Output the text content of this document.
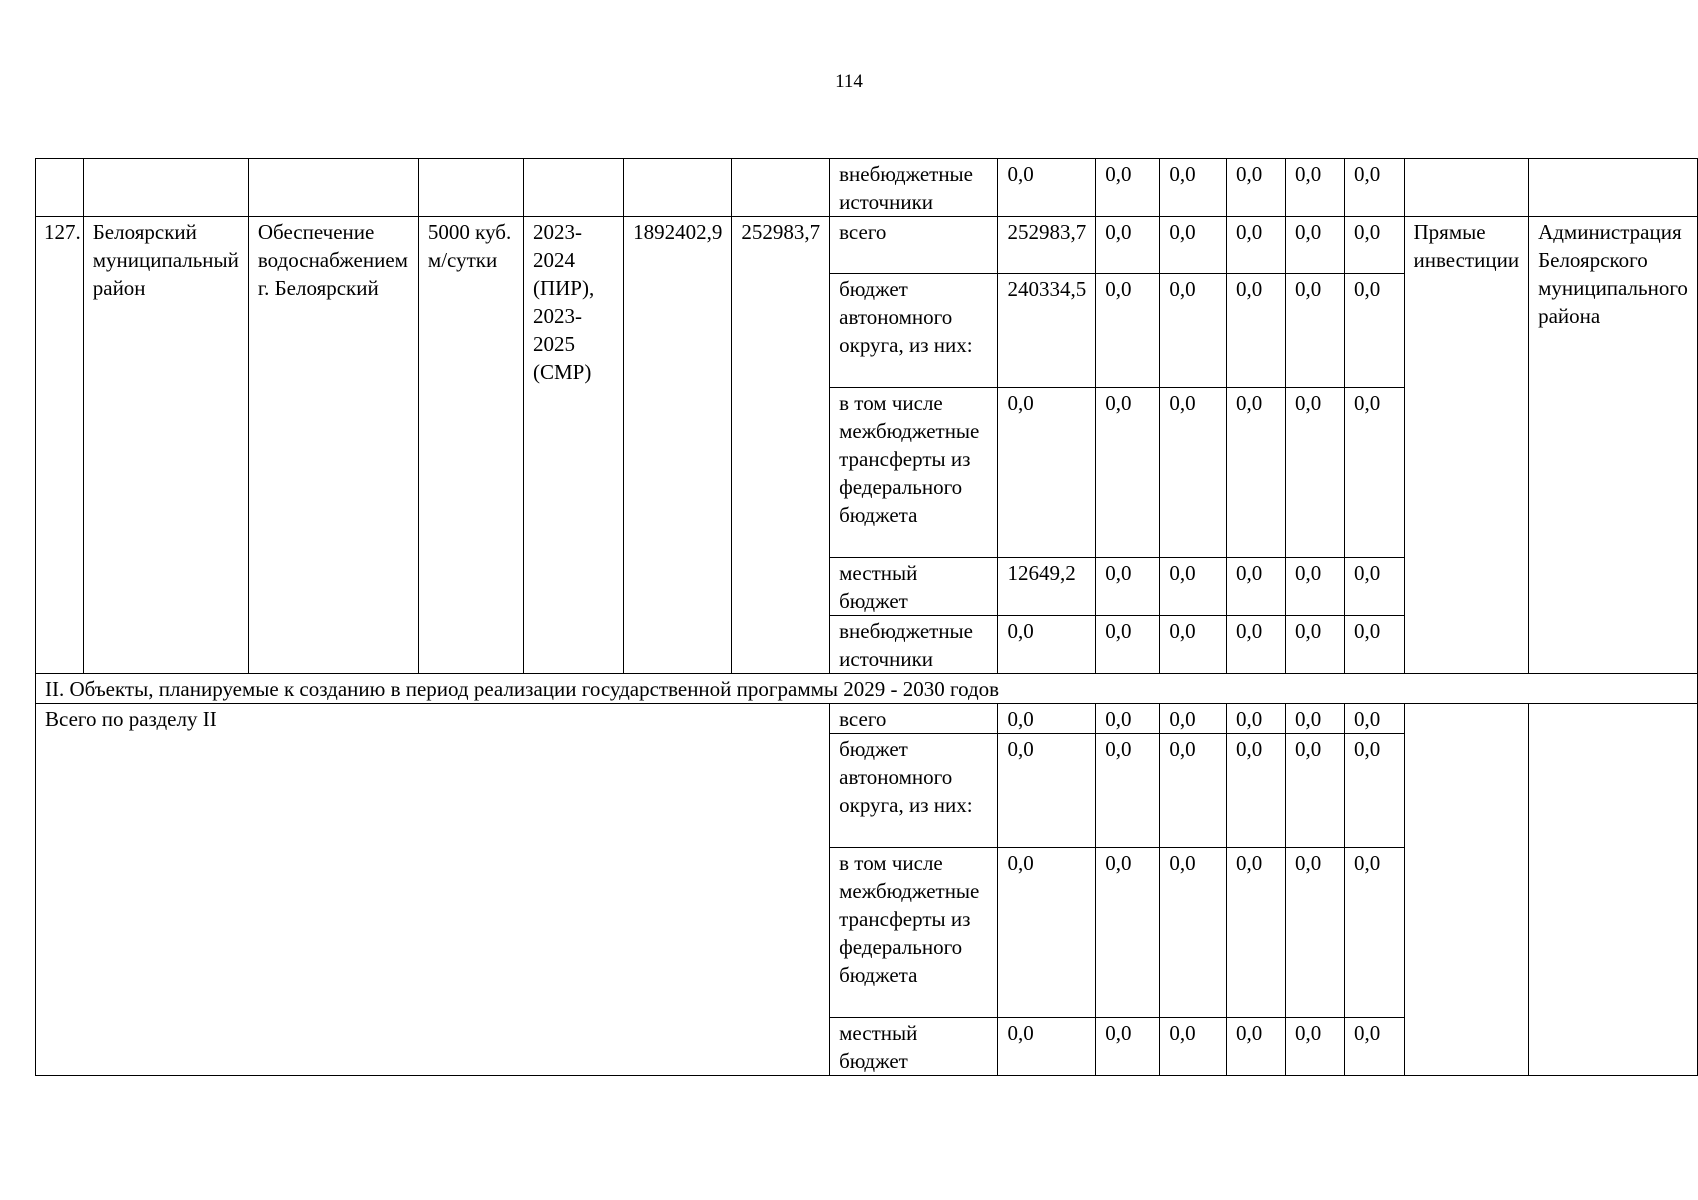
114
							внебюджетные источники	0,0	0,0	0,0	0,0	0,0	0,0		
127.	Белоярский муниципальный район	Обеспечение водоснабжением г. Белоярский	5000 куб. м/сутки	2023-2024 (ПИР), 2023-2025 (СМР)	1892402,9	252983,7	всего	252983,7	0,0	0,0	0,0	0,0	0,0	Прямые инвестиции	Администрация Белоярского муниципального района
							бюджет автономного округа, из них:	240334,5	0,0	0,0	0,0	0,0	0,0		
							в том числе межбюджетные трансферты из федерального бюджета	0,0	0,0	0,0	0,0	0,0	0,0		
							местный бюджет	12649,2	0,0	0,0	0,0	0,0	0,0		
							внебюджетные источники	0,0	0,0	0,0	0,0	0,0	0,0		
II. Объекты, планируемые к созданию в период реализации государственной программы 2029 - 2030 годов															
Всего по разделу II							всего	0,0	0,0	0,0	0,0	0,0	0,0		
							бюджет автономного округа, из них:	0,0	0,0	0,0	0,0	0,0	0,0		
							в том числе межбюджетные трансферты из федерального бюджета	0,0	0,0	0,0	0,0	0,0	0,0		
							местный бюджет	0,0	0,0	0,0	0,0	0,0	0,0		
